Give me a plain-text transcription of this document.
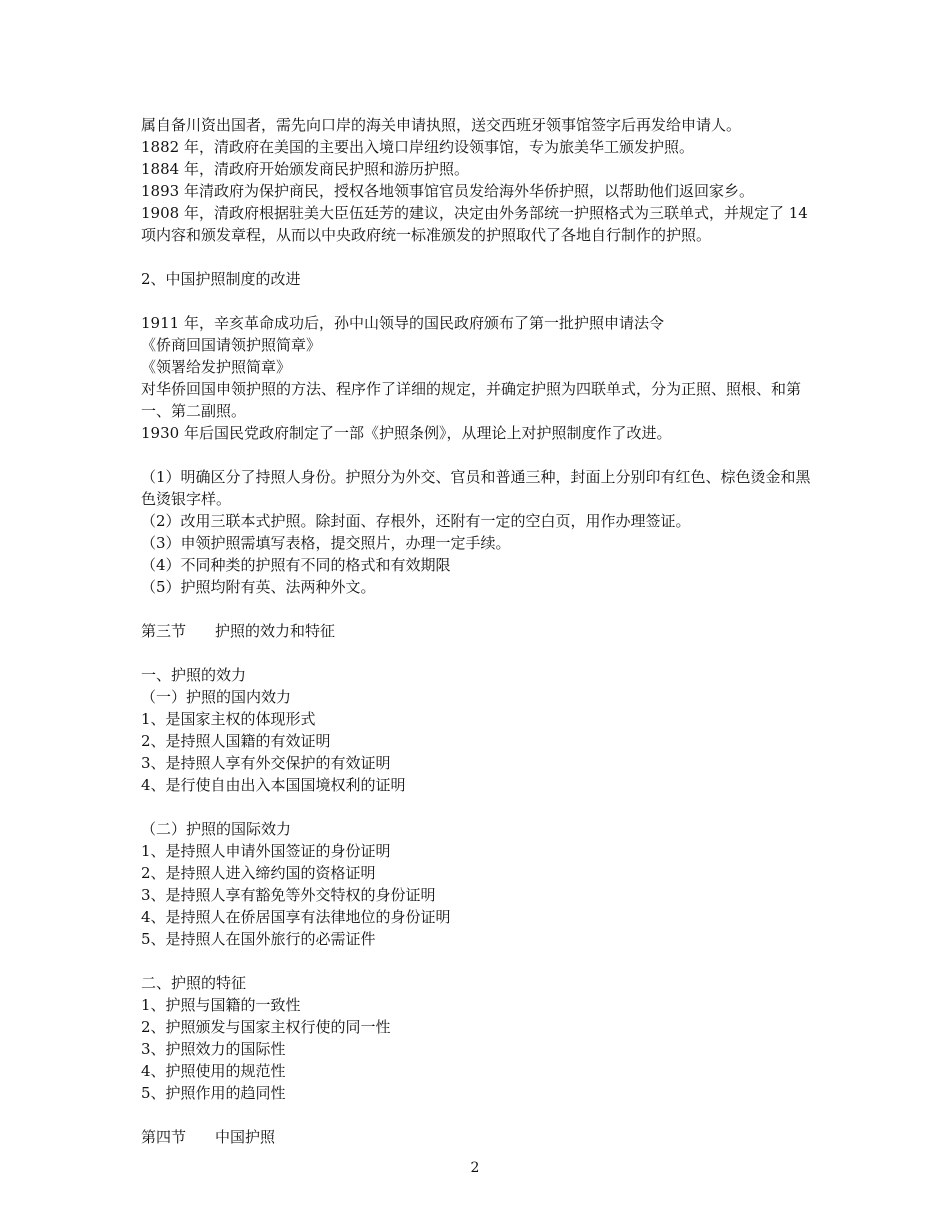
属自备川资出国者，需先向口岸的海关申请执照，送交西班牙领事馆签字后再发给申请人。
1882 年，清政府在美国的主要出入境口岸纽约设领事馆，专为旅美华工颁发护照。
1884 年，清政府开始颁发商民护照和游历护照。
1893 年清政府为保护商民，授权各地领事馆官员发给海外华侨护照，以帮助他们返回家乡。
1908 年，清政府根据驻美大臣伍廷芳的建议，决定由外务部统一护照格式为三联单式，并规定了 14 项内容和颁发章程，从而以中央政府统一标准颁发的护照取代了各地自行制作的护照。
2、中国护照制度的改进
1911 年，辛亥革命成功后，孙中山领导的国民政府颁布了第一批护照申请法令
《侨商回国请领护照简章》
《领署给发护照简章》
对华侨回国申领护照的方法、程序作了详细的规定，并确定护照为四联单式，分为正照、照根、和第一、第二副照。
1930 年后国民党政府制定了一部《护照条例》，从理论上对护照制度作了改进。
（1）明确区分了持照人身份。护照分为外交、官员和普通三种，封面上分别印有红色、棕色烫金和黑色烫银字样。
（2）改用三联本式护照。除封面、存根外，还附有一定的空白页，用作办理签证。
（3）申领护照需填写表格，提交照片，办理一定手续。
（4）不同种类的护照有不同的格式和有效期限
（5）护照均附有英、法两种外文。
第三节 护照的效力和特征
一、护照的效力
（一）护照的国内效力
1、是国家主权的体现形式
2、是持照人国籍的有效证明
3、是持照人享有外交保护的有效证明
4、是行使自由出入本国国境权利的证明
（二）护照的国际效力
1、是持照人申请外国签证的身份证明
2、是持照人进入缔约国的资格证明
3、是持照人享有豁免等外交特权的身份证明
4、是持照人在侨居国享有法律地位的身份证明
5、是持照人在国外旅行的必需证件
二、护照的特征
1、护照与国籍的一致性
2、护照颁发与国家主权行使的同一性
3、护照效力的国际性
4、护照使用的规范性
5、护照作用的趋同性
第四节 中国护照
2
